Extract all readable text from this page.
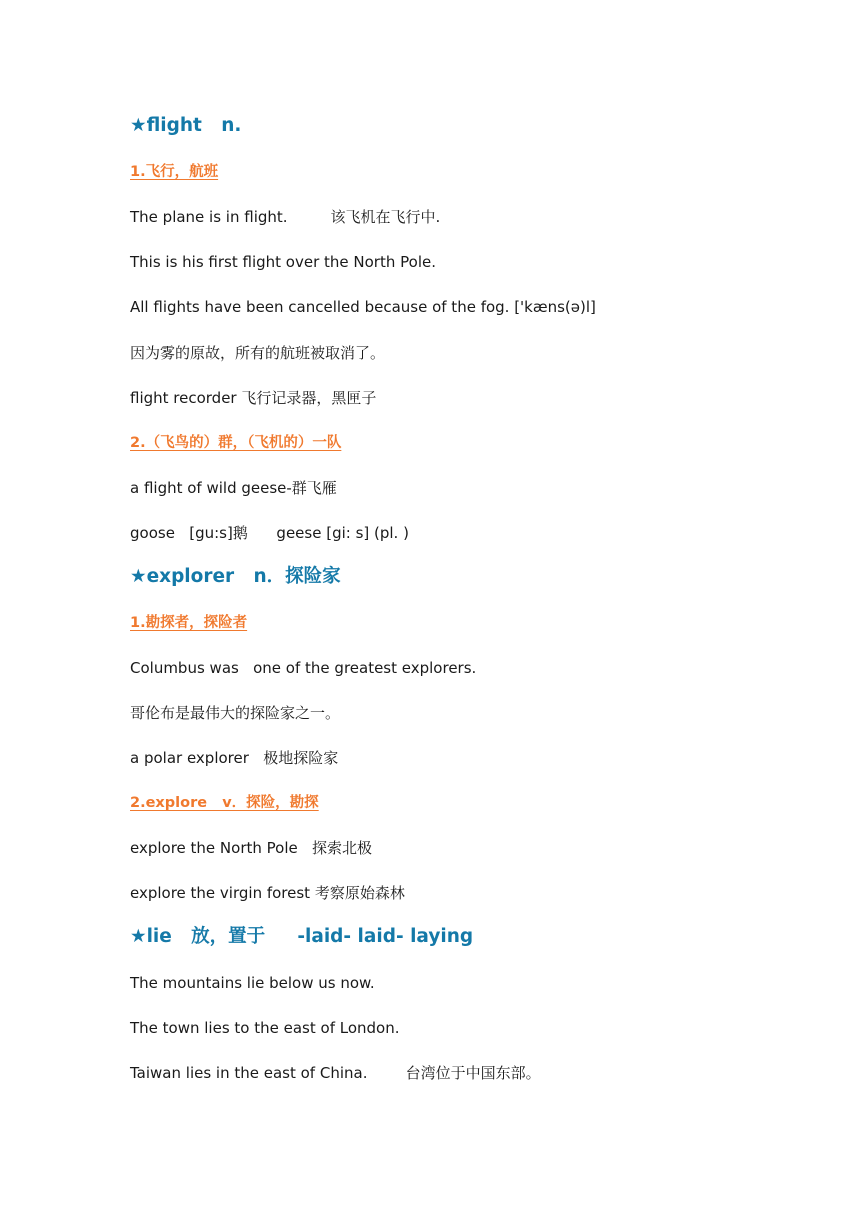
★flight   n.
1.飞行，航班
The plane is in flight.         该飞机在飞行中.
This is his first flight over the North Pole.
All flights have been cancelled because of the fog. ['kæns(ə)l]
因为雾的原故，所有的航班被取消了。
flight recorder 飞行记录器，黑匣子
2.（飞鸟的）群，（飞机的）一队
a flight of wild geese-群飞雁
goose   [gu:s]鹅      geese [gi: s] (pl. )
★explorer   n．探险家
1.勘探者，探险者
Columbus was   one of the greatest explorers.
哥伦布是最伟大的探险家之一。
a polar explorer   极地探险家
2.explore   v．探险，勘探
explore the North Pole   探索北极
explore the virgin forest 考察原始森林
★lie   放，置于     -laid- laid- laying
The mountains lie below us now.
The town lies to the east of London.
Taiwan lies in the east of China.        台湾位于中国东部。
